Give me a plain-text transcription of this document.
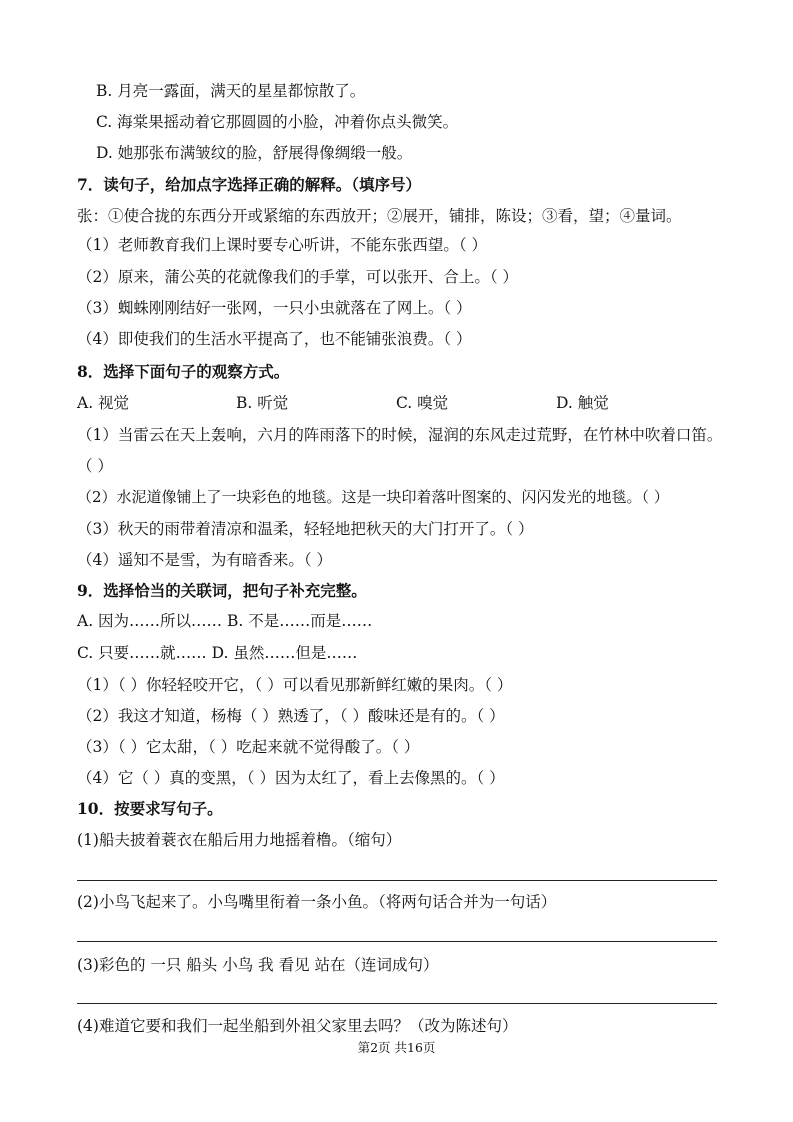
B. 月亮一露面，满天的星星都惊散了。
C. 海棠果摇动着它那圆圆的小脸，冲着你点头微笑。
D. 她那张布满皱纹的脸，舒展得像绸缎一般。
7．读句子，给加点字选择正确的解释。（填序号）
张：①使合拢的东西分开或紧缩的东西放开；②展开，铺排，陈设；③看，望；④量词。
（1）老师教育我们上课时要专心听讲，不能东张西望。（ ）
（2）原来，蒲公英的花就像我们的手掌，可以张开、合上。（ ）
（3）蜘蛛刚刚结好一张网，一只小虫就落在了网上。（ ）
（4）即使我们的生活水平提高了，也不能铺张浪费。（ ）
8．选择下面句子的观察方式。
A. 视觉	B. 听觉	C. 嗅觉	D. 触觉
（1）当雷云在天上轰响，六月的阵雨落下的时候，湿润的东风走过荒野，在竹林中吹着口笛。
（ ）
（2）水泥道像铺上了一块彩色的地毯。这是一块印着落叶图案的、闪闪发光的地毯。（ ）
（3）秋天的雨带着清凉和温柔，轻轻地把秋天的大门打开了。（ ）
（4）遥知不是雪，为有暗香来。（ ）
9．选择恰当的关联词，把句子补充完整。
A. 因为……所以…… B. 不是……而是……
C. 只要……就…… D. 虽然……但是……
（1）（ ）你轻轻咬开它，（ ）可以看见那新鲜红嫩的果肉。（ ）
（2）我这才知道，杨梅（ ）熟透了，（ ）酸味还是有的。（ ）
（3）（ ）它太甜，（ ）吃起来就不觉得酸了。（ ）
（4）它（ ）真的变黑，（ ）因为太红了，看上去像黑的。（ ）
10．按要求写句子。
(1)船夫披着蓑衣在船后用力地摇着橹。（缩句）
(2)小鸟飞起来了。小鸟嘴里衔着一条小鱼。（将两句话合并为一句话）
(3)彩色的 一只 船头 小鸟 我 看见 站在（连词成句）
(4)难道它要和我们一起坐船到外祖父家里去吗？（改为陈述句）
第2页 共16页
